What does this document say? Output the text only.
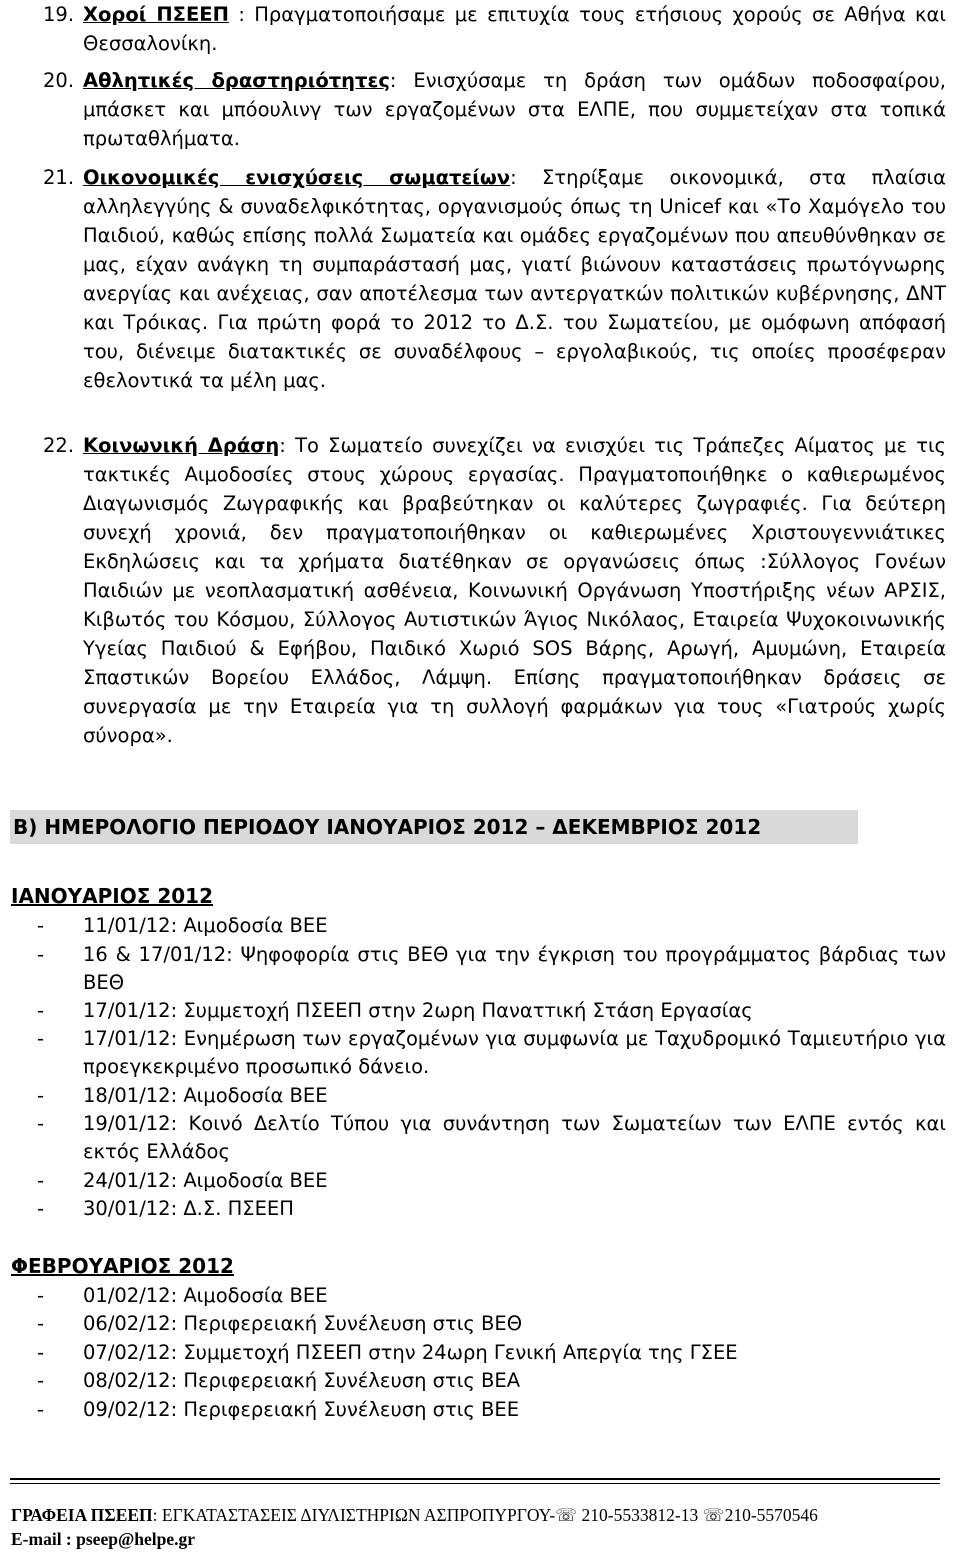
19. Χοροί ΠΣΕΕΠ : Πραγματοποιήσαμε με επιτυχία τους ετήσιους χορούς σε Αθήνα και Θεσσαλονίκη.
20. Αθλητικές δραστηριότητες: Ενισχύσαμε τη δράση των ομάδων ποδοσφαίρου, μπάσκετ και μπόουλινγ των εργαζομένων στα ΕΛΠΕ, που συμμετείχαν στα τοπικά πρωταθλήματα.
21. Οικονομικές ενισχύσεις σωματείων: Στηρίξαμε οικονομικά, στα πλαίσια αλληλεγγύης & συναδελφικότητας, οργανισμούς όπως τη Unicef και «Το Χαμόγελο του Παιδιού, καθώς επίσης πολλά Σωματεία και ομάδες εργαζομένων που απευθύνθηκαν σε μας, είχαν ανάγκη τη συμπαράστασή μας, γιατί βιώνουν καταστάσεις πρωτόγνωρης ανεργίας και ανέχειας, σαν αποτέλεσμα των αντεργατκών πολιτικών κυβέρνησης, ΔΝΤ και Τρόικας. Για πρώτη φορά το 2012 το Δ.Σ. του Σωματείου, με ομόφωνη απόφασή του, διένειμε διατακτικές σε συναδέλφους – εργολαβικούς, τις οποίες προσέφεραν εθελοντικά τα μέλη μας.
22. Κοινωνική Δράση: Το Σωματείο συνεχίζει να ενισχύει τις Τράπεζες Αίματος με τις τακτικές Αιμοδοσίες στους χώρους εργασίας. Πραγματοποιήθηκε ο καθιερωμένος Διαγωνισμός Ζωγραφικής και βραβεύτηκαν οι καλύτερες ζωγραφιές. Για δεύτερη συνεχή χρονιά, δεν πραγματοποιήθηκαν οι καθιερωμένες Χριστουγεννιάτικες Εκδηλώσεις και τα χρήματα διατέθηκαν σε οργανώσεις όπως :Σύλλογος Γονέων Παιδιών με νεοπλασματική ασθένεια, Κοινωνική Οργάνωση Υποστήριξης νέων ΑΡΣΙΣ, Κιβωτός του Κόσμου, Σύλλογος Αυτιστικών Άγιος Νικόλαος, Εταιρεία Ψυχοκοινωνικής Υγείας Παιδιού & Εφήβου, Παιδικό Χωριό SOS Βάρης, Αρωγή, Αμυμώνη, Εταιρεία Σπαστικών Βορείου Ελλάδος, Λάμψη. Επίσης πραγματοποιήθηκαν δράσεις σε συνεργασία με την Εταιρεία για τη συλλογή φαρμάκων για τους «Γιατρούς χωρίς σύνορα».
Β) ΗΜΕΡΟΛΟΓΙΟ ΠΕΡΙΟΔΟΥ ΙΑΝΟΥΑΡΙΟΣ 2012 – ΔΕΚΕΜΒΡΙΟΣ 2012
ΙΑΝΟΥΑΡΙΟΣ 2012
-	11/01/12: Αιμοδοσία ΒΕΕ
-	16 & 17/01/12: Ψηφοφορία στις ΒΕΘ για την έγκριση του προγράμματος βάρδιας των ΒΕΘ
-	17/01/12: Συμμετοχή ΠΣΕΕΠ στην 2ωρη Πανατтική Στάση Εργασίας
-	17/01/12: Ενημέρωση των εργαζομένων για συμφωνία με Ταχυδρομικό Ταμιευτήριο για προεγκεκριμένο προσωπικό δάνειο.
-	18/01/12: Αιμοδοσία ΒΕΕ
-	19/01/12: Κοινό Δελτίο Τύπου για συνάντηση των Σωματείων των ΕΛΠΕ εντός και εκτός Ελλάδος
-	24/01/12: Αιμοδοσία ΒΕΕ
-	30/01/12: Δ.Σ. ΠΣΕΕΠ
ΦΕΒΡΟΥΑΡΙΟΣ 2012
-	01/02/12: Αιμοδοσία ΒΕΕ
-	06/02/12: Περιφερειακή Συνέλευση στις ΒΕΘ
-	07/02/12: Συμμετοχή ΠΣΕΕΠ στην 24ωρη Γενική Απεργία της ΓΣΕΕ
-	08/02/12: Περιφερειακή Συνέλευση στις ΒΕΑ
-	09/02/12: Περιφερειακή Συνέλευση στις ΒΕΕ
ΓΡΑΦΕΙΑ ΠΣΕΕΠ: ΕΓΚΑΤΑΣΤΑΣΕΙΣ ΔΙΥΛΙΣΤΗΡΙΩΝ ΑΣΠΡΟΠΥΡΓΟΥ-☏ 210-5533812-13 ☏210-5570546
E-mail : pseep@helpe.gr
